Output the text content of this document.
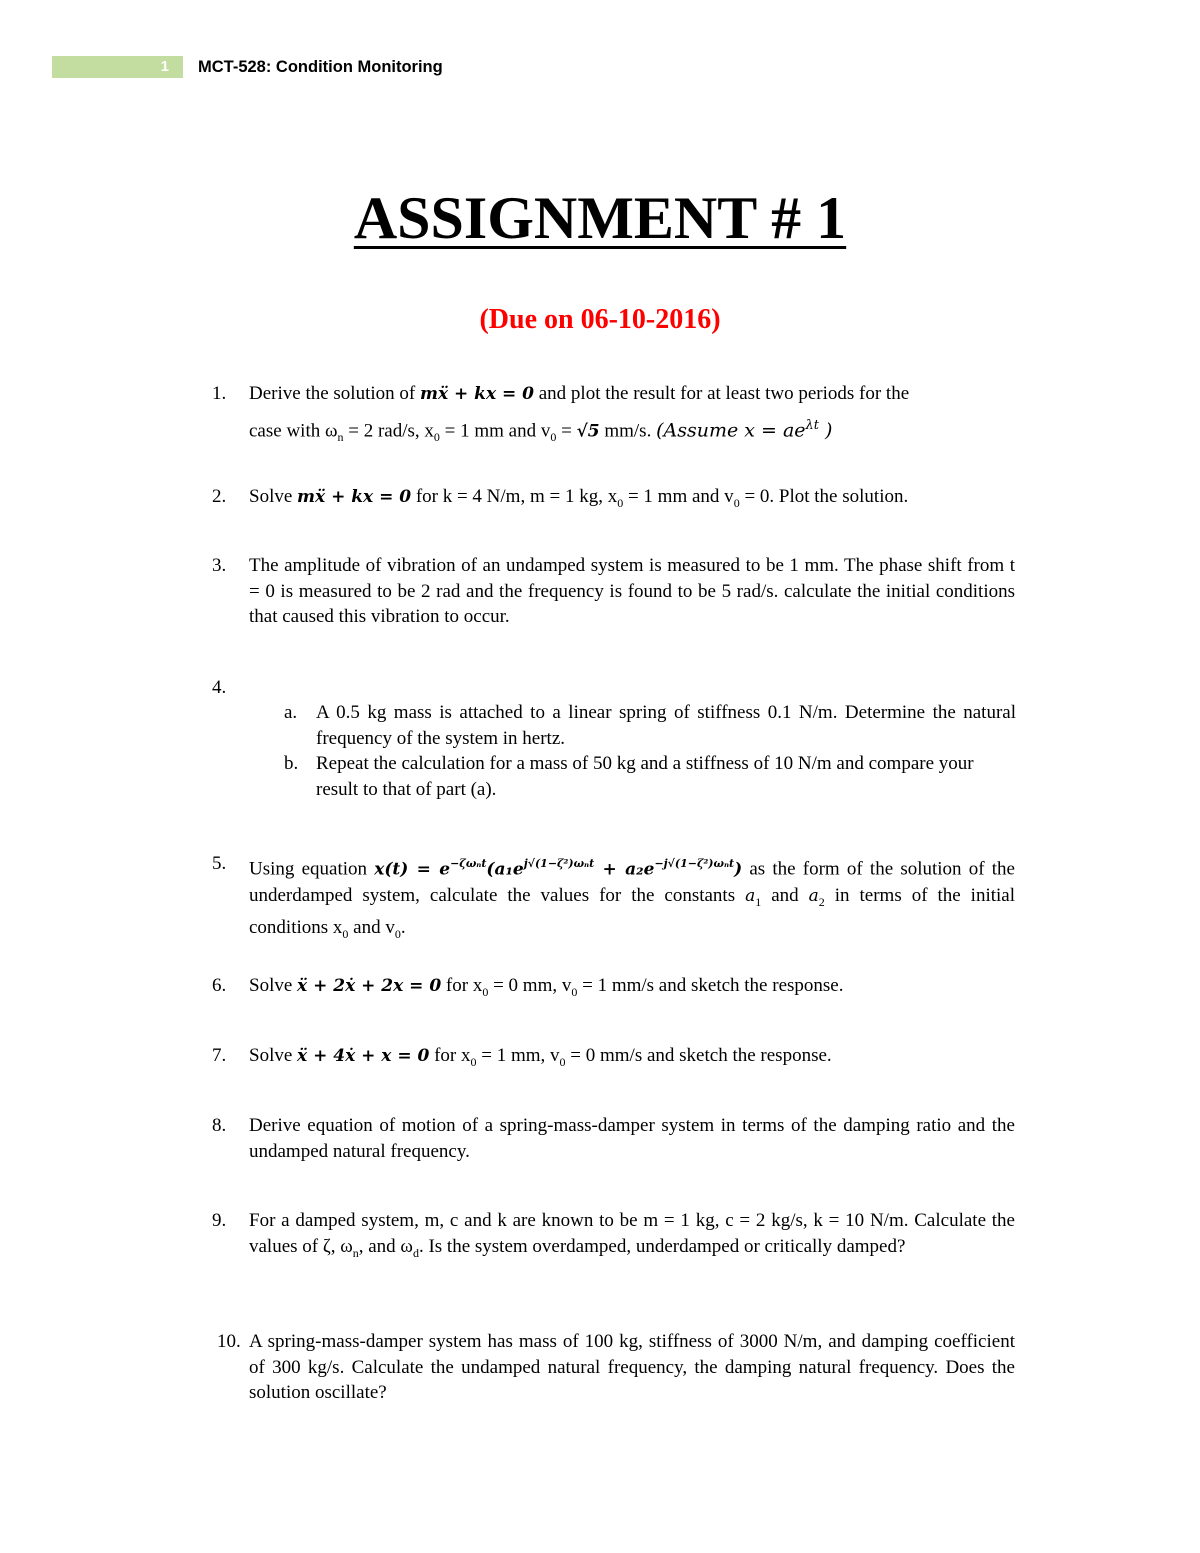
1	MCT-528: Condition Monitoring
ASSIGNMENT # 1
(Due on 06-10-2016)
1.	Derive the solution of mẍ + kx = 0 and plot the result for at least two periods for the

case with $\omega_n = 2$ rad/s, $x_0 = 1$ mm and $v_0 = √5$ mm/s. (Assume $x = ae^{\lambda t}$ )
2.	Solve mẍ + kx = 0 for k = 4 N/m, m = 1 kg, $x_0 = 1$ mm and $v_0 = 0$. Plot the solution.
3.	The amplitude of vibration of an undamped system is measured to be 1 mm. The phase shift from t = 0 is measured to be 2 rad and the frequency is found to be 5 rad/s. calculate the initial conditions that caused this vibration to occur.
4.
a. A 0.5 kg mass is attached to a linear spring of stiffness 0.1 N/m. Determine the natural frequency of the system in hertz.
b. Repeat the calculation for a mass of 50 kg and a stiffness of 10 N/m and compare your result to that of part (a).
5.	Using equation $x(t) = e^{-\zeta\omega_nt}(a_1e^{j√(1-\zeta^2)\omega_nt} + a_2e^{-j√(1-\zeta^2)\omega_nt})$ as the form of the solution of the underdamped system, calculate the values for the constants $a_1$ and $a_2$ in terms of the initial conditions $x_0$ and $v_0$.
6.	Solve ẍ + 2ẋ + 2x = 0 for $x_0 = 0$ mm, $v_0 = 1$ mm/s and sketch the response.
7.	Solve ẍ + 4ẋ + x = 0 for $x_0 = 1$ mm, $v_0 = 0$ mm/s and sketch the response.
8.	Derive equation of motion of a spring-mass-damper system in terms of the damping ratio and the undamped natural frequency.
9.	For a damped system, m, c and k are known to be m = 1 kg, c = 2 kg/s, k = 10 N/m. Calculate the values of ζ, $\omega_n$, and $\omega_d$. Is the system overdamped, underdamped or critically damped?
10. A spring-mass-damper system has mass of 100 kg, stiffness of 3000 N/m, and damping coefficient of 300 kg/s. Calculate the undamped natural frequency, the damping natural frequency. Does the solution oscillate?
